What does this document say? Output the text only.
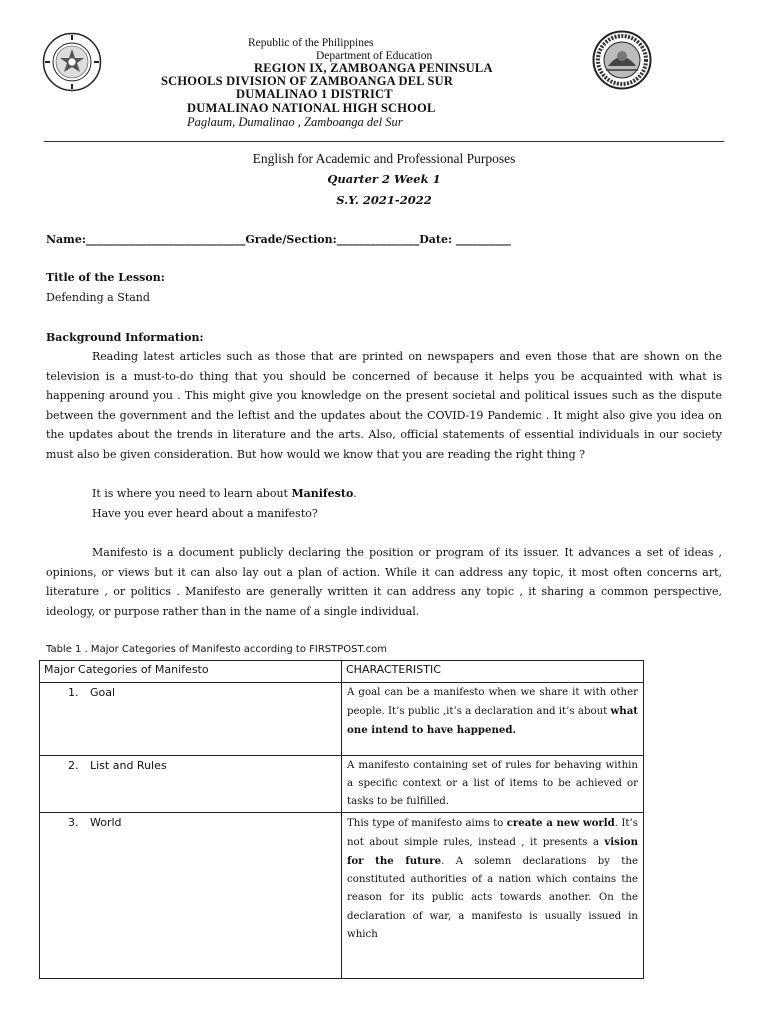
Republic of the Philippines
Department of Education
REGION IX, ZAMBOANGA PENINSULA
SCHOOLS DIVISION OF ZAMBOANGA DEL SUR
DUMALINAO 1 DISTRICT
DUMALINAO NATIONAL HIGH SCHOOL
Paglaum, Dumalinao , Zamboanga del Sur
English for Academic and Professional Purposes
Quarter 2 Week 1
S.Y. 2021-2022
Name:_____________________________Grade/Section:_______________Date: __________
Title of the Lesson:
Defending a Stand
Background Information:
Reading latest articles such as those that are printed on newspapers and even those that are shown on the television is a must-to-do thing that you should be concerned of because it helps you be acquainted with what is happening around you . This might give you knowledge on the present societal and political issues such as the dispute between the government and the leftist and the updates about the COVID-19 Pandemic . It might also give you idea on the updates about the trends in literature and the arts. Also, official statements of essential individuals in our society must also be given consideration. But how would we know that you are reading the right thing ?
It is where you need to learn about Manifesto.
Have you ever heard about a manifesto?
Manifesto is a document publicly declaring the position or program of its issuer. It advances a set of ideas , opinions, or views but it can also lay out a plan of action. While it can address any topic, it most often concerns art, literature , or politics . Manifesto are generally written it can address any topic , it sharing a common perspective, ideology, or purpose rather than in the name of a single individual.
Table 1 . Major Categories of Manifesto according to FIRSTPOST.com
Major Categories of Manifesto	CHARACTERISTIC
1. Goal	A goal can be a manifesto when we share it with other people. It’s public ,it’s a declaration and it’s about what one intend to have happened.
2. List and Rules	A manifesto containing set of rules for behaving within a specific context or a list of items to be achieved or tasks to be fulfilled.
3. World	This type of manifesto aims to create a new world. It’s not about simple rules, instead , it presents a vision for the future. A solemn declarations by the constituted authorities of a nation which contains the reason for its public acts towards another. On the declaration of war, a manifesto is usually issued in which
